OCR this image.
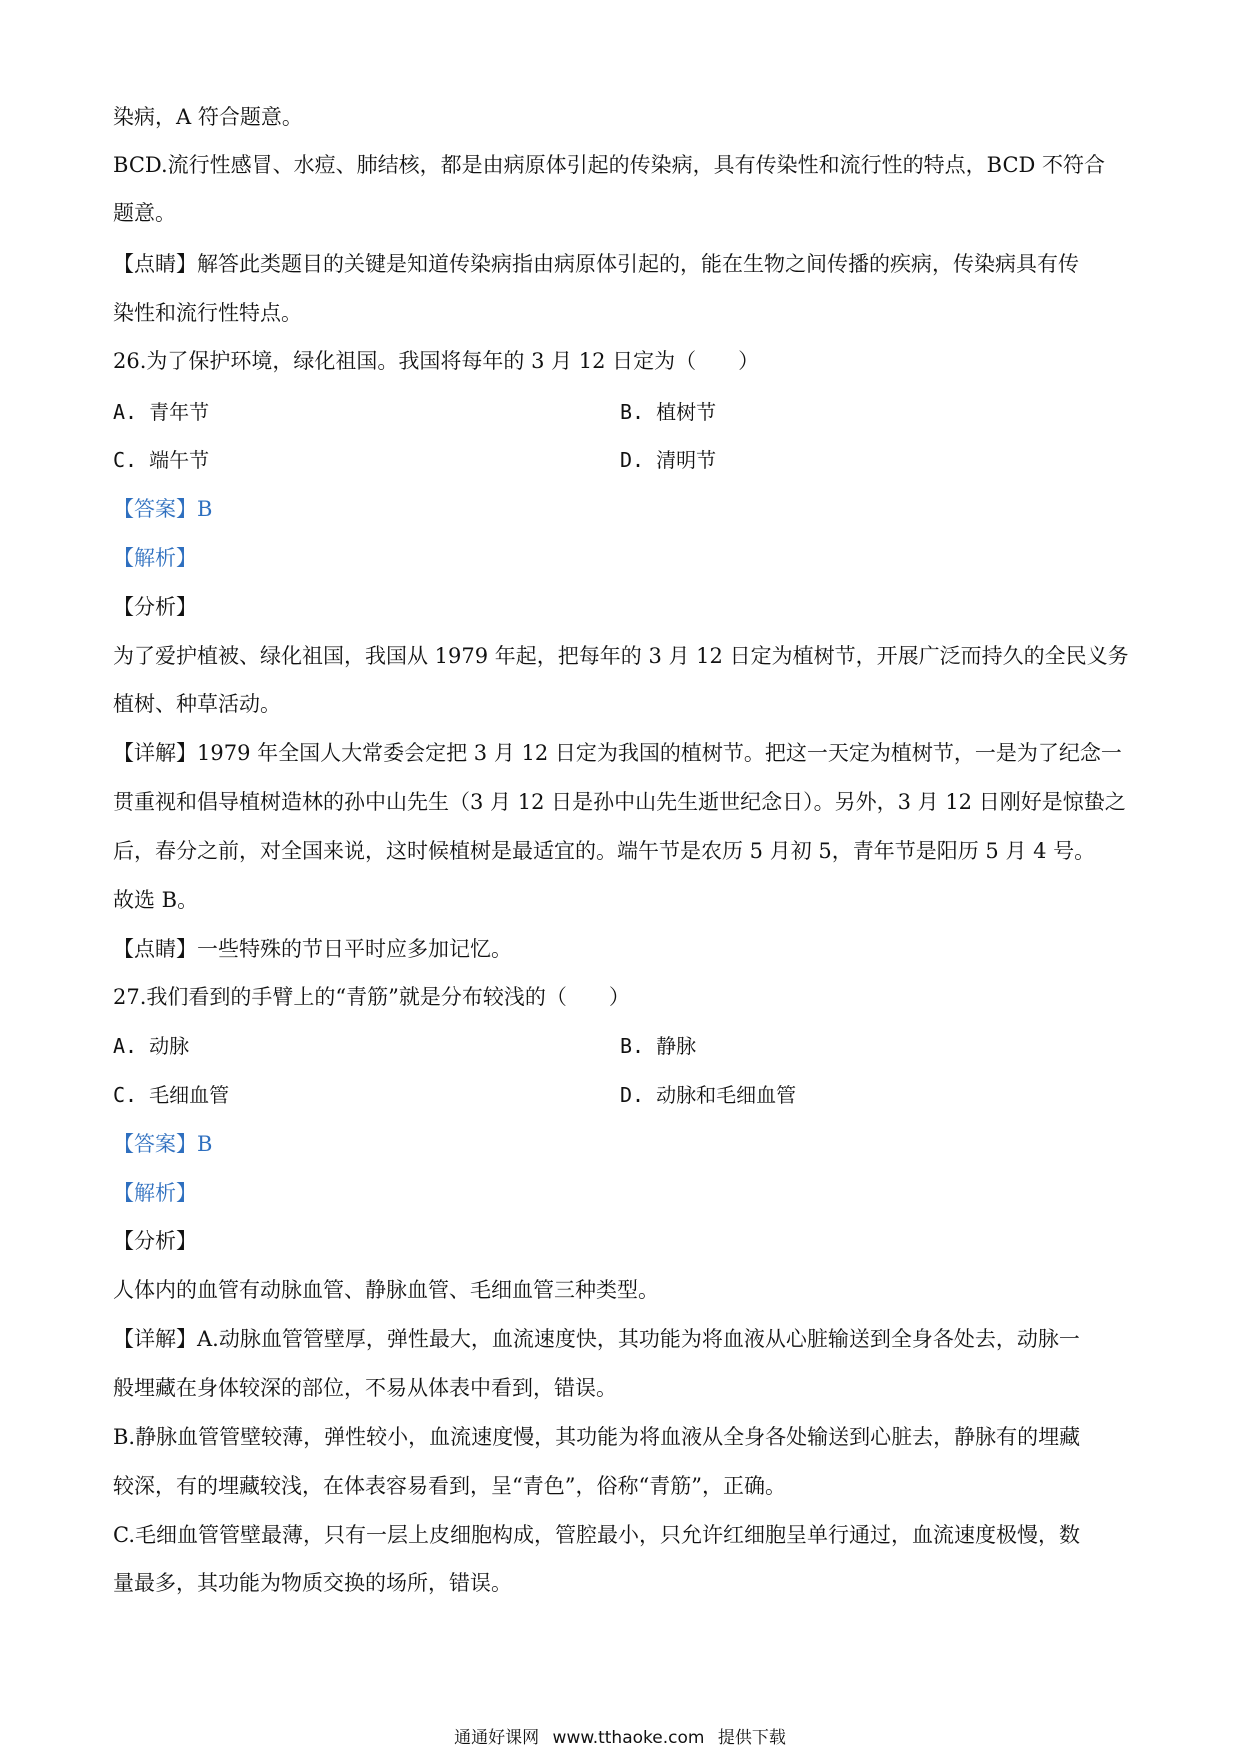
染病，A 符合题意。
BCD.流行性感冒、水痘、肺结核，都是由病原体引起的传染病，具有传染性和流行性的特点，BCD 不符合
题意。
【点睛】解答此类题目的关键是知道传染病指由病原体引起的，能在生物之间传播的疾病，传染病具有传
染性和流行性特点。
26.为了保护环境，绿化祖国。我国将每年的 3 月 12 日定为（　　）
A. 青年节	B. 植树节
C. 端午节	D. 清明节
【答案】B
【解析】
【分析】
为了爱护植被、绿化祖国，我国从 1979 年起，把每年的 3 月 12 日定为植树节，开展广泛而持久的全民义务
植树、种草活动。
【详解】1979 年全国人大常委会定把 3 月 12 日定为我国的植树节。把这一天定为植树节，一是为了纪念一
贯重视和倡导植树造林的孙中山先生（3 月 12 日是孙中山先生逝世纪念日）。另外，3 月 12 日刚好是惊蛰之
后，春分之前，对全国来说，这时候植树是最适宜的。端午节是农历 5 月初 5，青年节是阳历 5 月 4 号。
故选 B。
【点睛】一些特殊的节日平时应多加记忆。
27.我们看到的手臂上的“青筋”就是分布较浅的（　　）
A. 动脉	B. 静脉
C. 毛细血管	D. 动脉和毛细血管
【答案】B
【解析】
【分析】
人体内的血管有动脉血管、静脉血管、毛细血管三种类型。
【详解】A.动脉血管管壁厚，弹性最大，血流速度快，其功能为将血液从心脏输送到全身各处去，动脉一
般埋藏在身体较深的部位，不易从体表中看到，错误。
B.静脉血管管壁较薄，弹性较小，血流速度慢，其功能为将血液从全身各处输送到心脏去，静脉有的埋藏
较深，有的埋藏较浅，在体表容易看到，呈“青色”，俗称“青筋”，正确。
C.毛细血管管壁最薄，只有一层上皮细胞构成，管腔最小，只允许红细胞呈单行通过，血流速度极慢，数
量最多，其功能为物质交换的场所，错误。
通通好课网 www.tthaoke.com 提供下载
